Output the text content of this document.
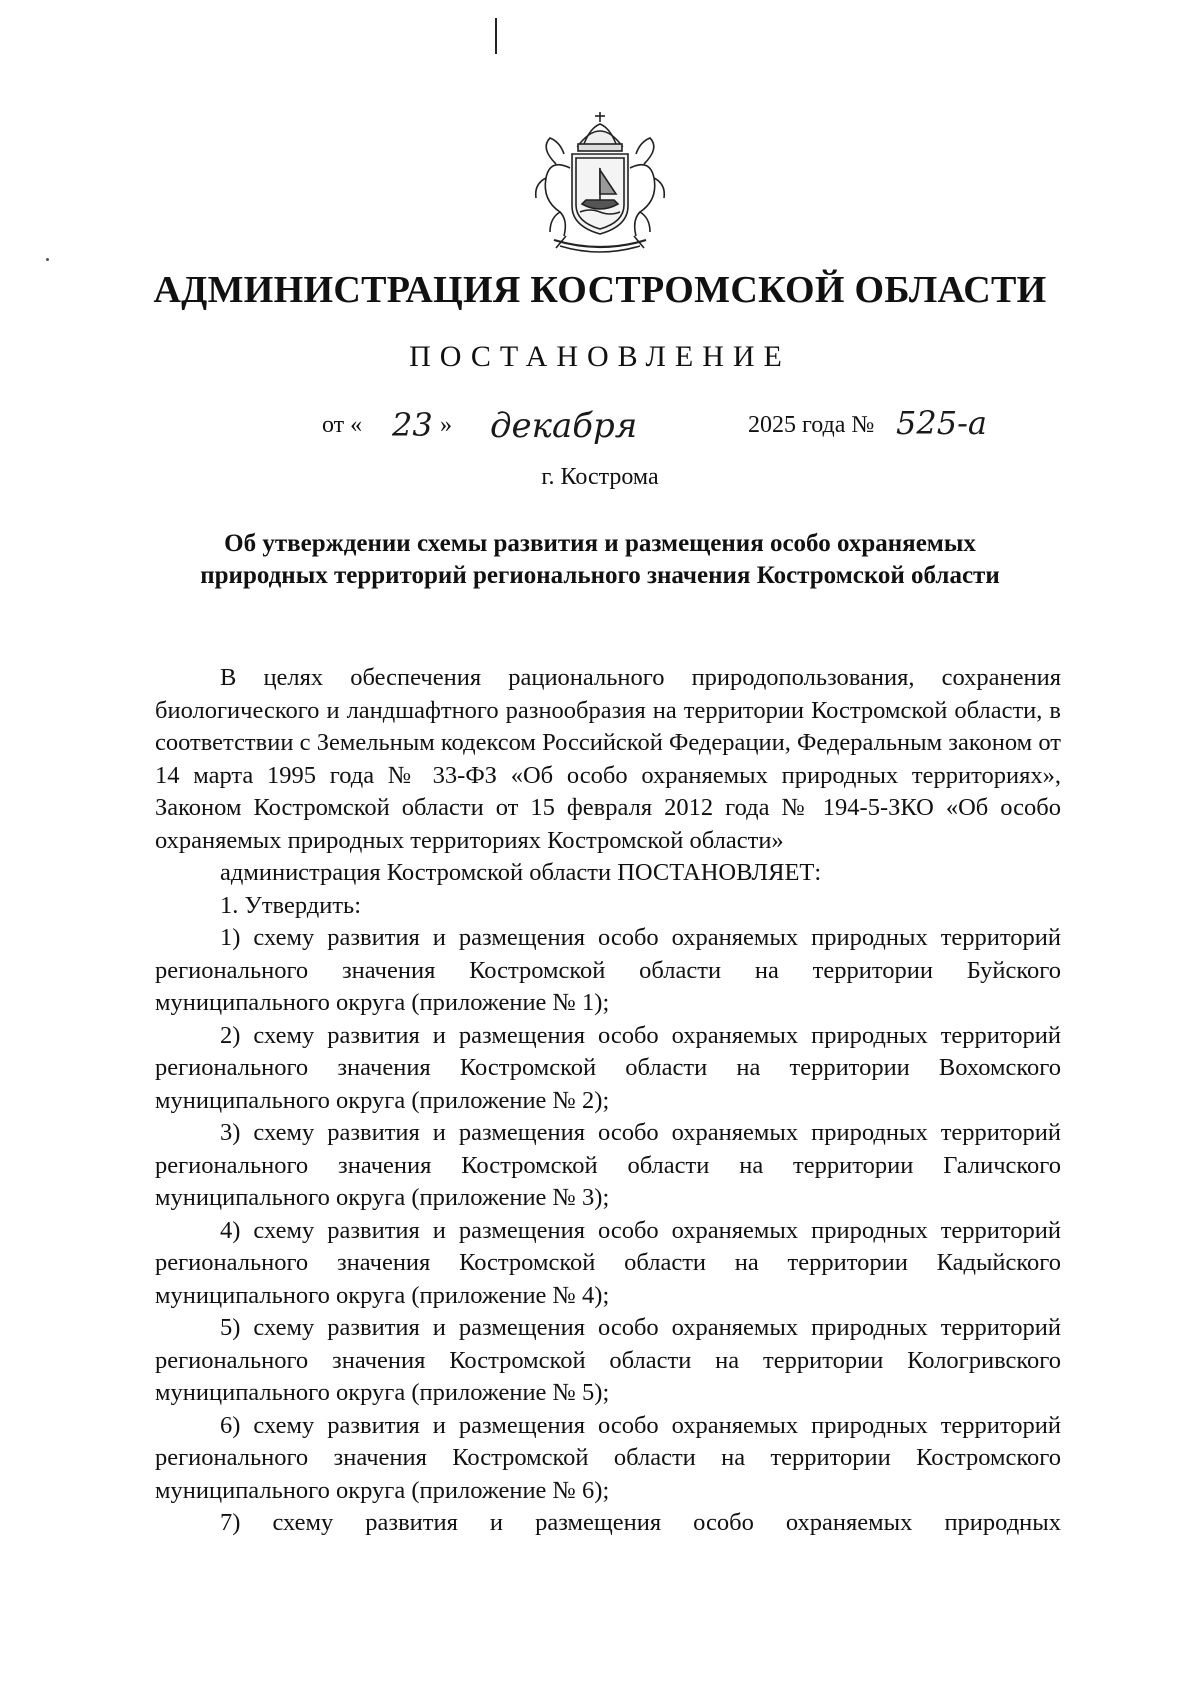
АДМИНИСТРАЦИЯ КОСТРОМСКОЙ ОБЛАСТИ
ПОСТАНОВЛЕНИЕ
от « 23 » декабря	2025 года № 525-а
г. Кострома
Об утверждении схемы развития и размещения особо охраняемых
природных территорий регионального значения Костромской области

В целях обеспечения рационального природопользования, сохранения биологического и ландшафтного разнообразия на территории Костромской области, в соответствии с Земельным кодексом Российской Федерации, Федеральным законом от 14 марта 1995 года № 33-ФЗ «Об особо охраняемых природных территориях», Законом Костромской области от 15 февраля 2012 года № 194-5-ЗКО «Об особо охраняемых природных территориях Костромской области»

администрация Костромской области ПОСТАНОВЛЯЕТ:

1. Утвердить:

1) схему развития и размещения особо охраняемых природных территорий регионального значения Костромской области на территории Буйского муниципального округа (приложение № 1);

2) схему развития и размещения особо охраняемых природных территорий регионального значения Костромской области на территории Вохомского муниципального округа (приложение № 2);

3) схему развития и размещения особо охраняемых природных территорий регионального значения Костромской области на территории Галичского муниципального округа (приложение № 3);

4) схему развития и размещения особо охраняемых природных территорий регионального значения Костромской области на территории Кадыйского муниципального округа (приложение № 4);

5) схему развития и размещения особо охраняемых природных территорий регионального значения Костромской области на территории Кологривского муниципального округа (приложение № 5);

6) схему развития и размещения особо охраняемых природных территорий регионального значения Костромской области на территории Костромского муниципального округа (приложение № 6);

7) схему развития и размещения особо охраняемых природных
